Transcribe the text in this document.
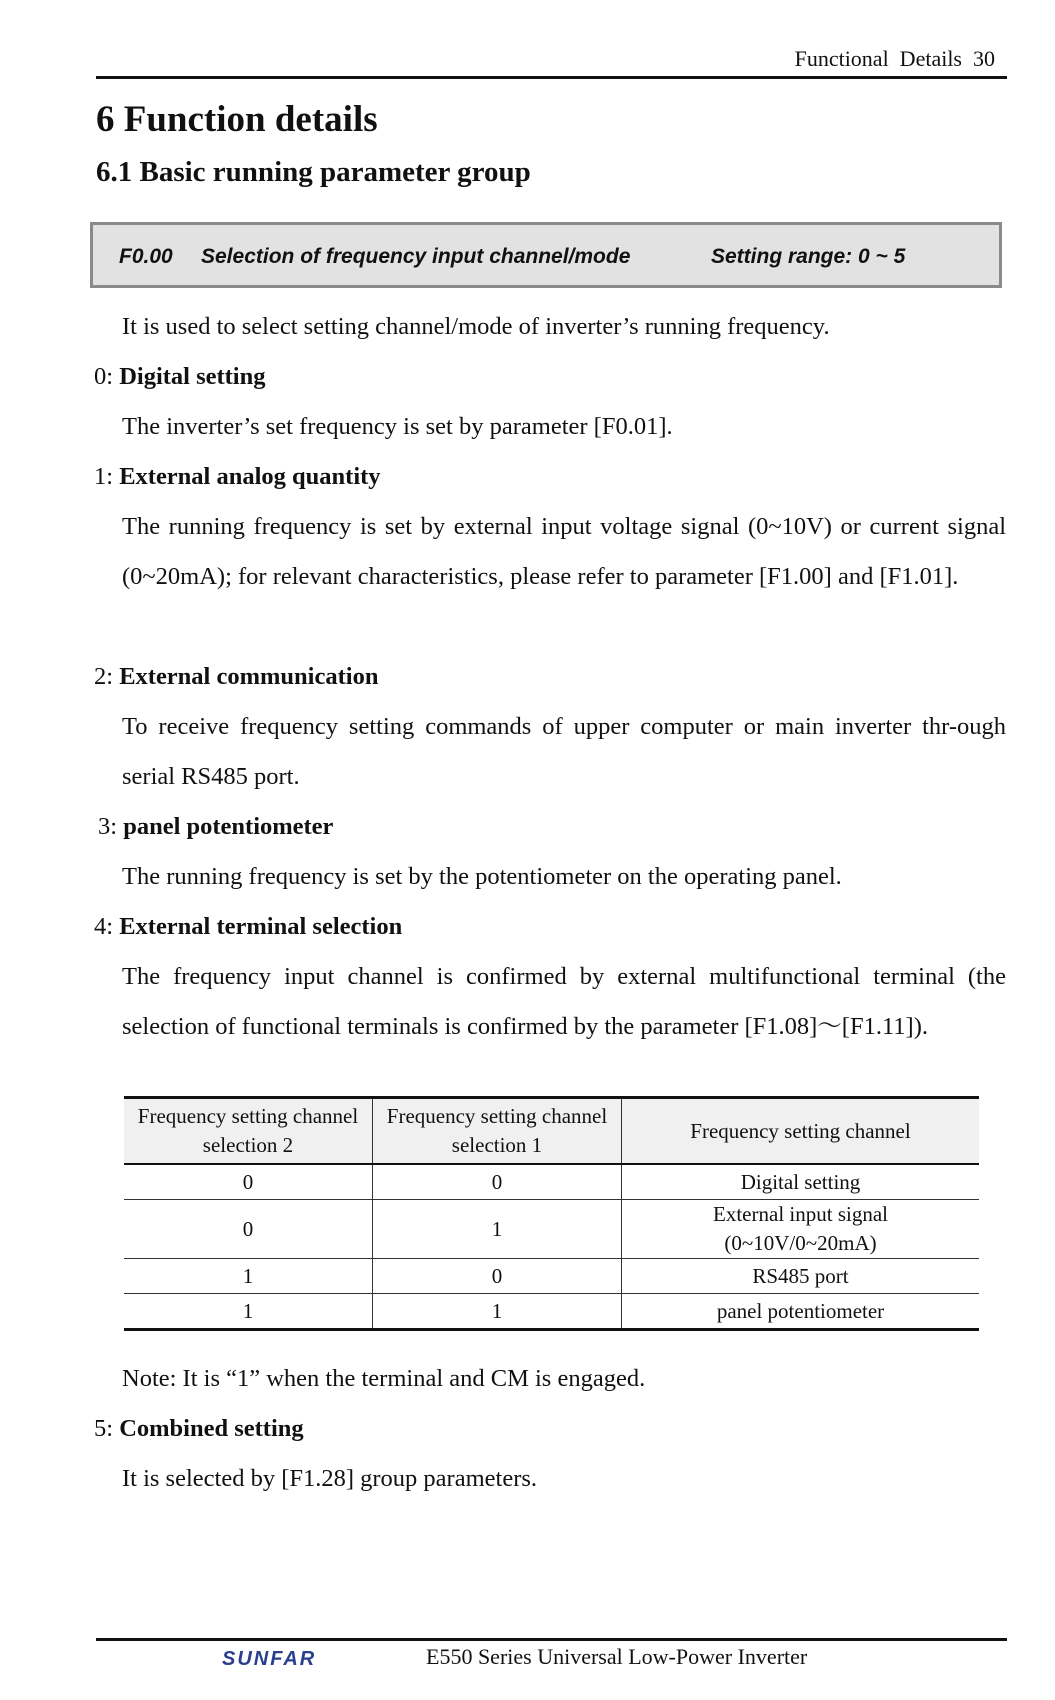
Functional  Details  30
6 Function details
6.1 Basic running parameter group
F0.00 Selection of frequency input channel/mode	Setting range: 0 ~ 5
It is used to select setting channel/mode of inverter’s running frequency.
0: Digital setting
The inverter’s set frequency is set by parameter [F0.01].
1: External analog quantity
The running frequency is set by external input voltage signal (0~10V) or current signal (0~20mA); for relevant characteristics, please refer to parameter [F1.00] and [F1.01].
2: External communication
To receive frequency setting commands of upper computer or main inverter thr-ough serial RS485 port.
3: panel potentiometer
The running frequency is set by the potentiometer on the operating panel.
4: External terminal selection
The frequency input channel is confirmed by external multifunctional terminal (the selection of functional terminals is confirmed by the parameter [F1.08]～[F1.11]).
Frequency setting channel selection 2	Frequency setting channel selection 1	Frequency setting channel
0	0	Digital setting
0	1	External input signal (0~10V/0~20mA)
1	0	RS485 port
1	1	panel potentiometer
Note: It is “1” when the terminal and CM is engaged.
5: Combined setting
It is selected by [F1.28] group parameters.
SUNFAR	E550 Series Universal Low-Power Inverter
